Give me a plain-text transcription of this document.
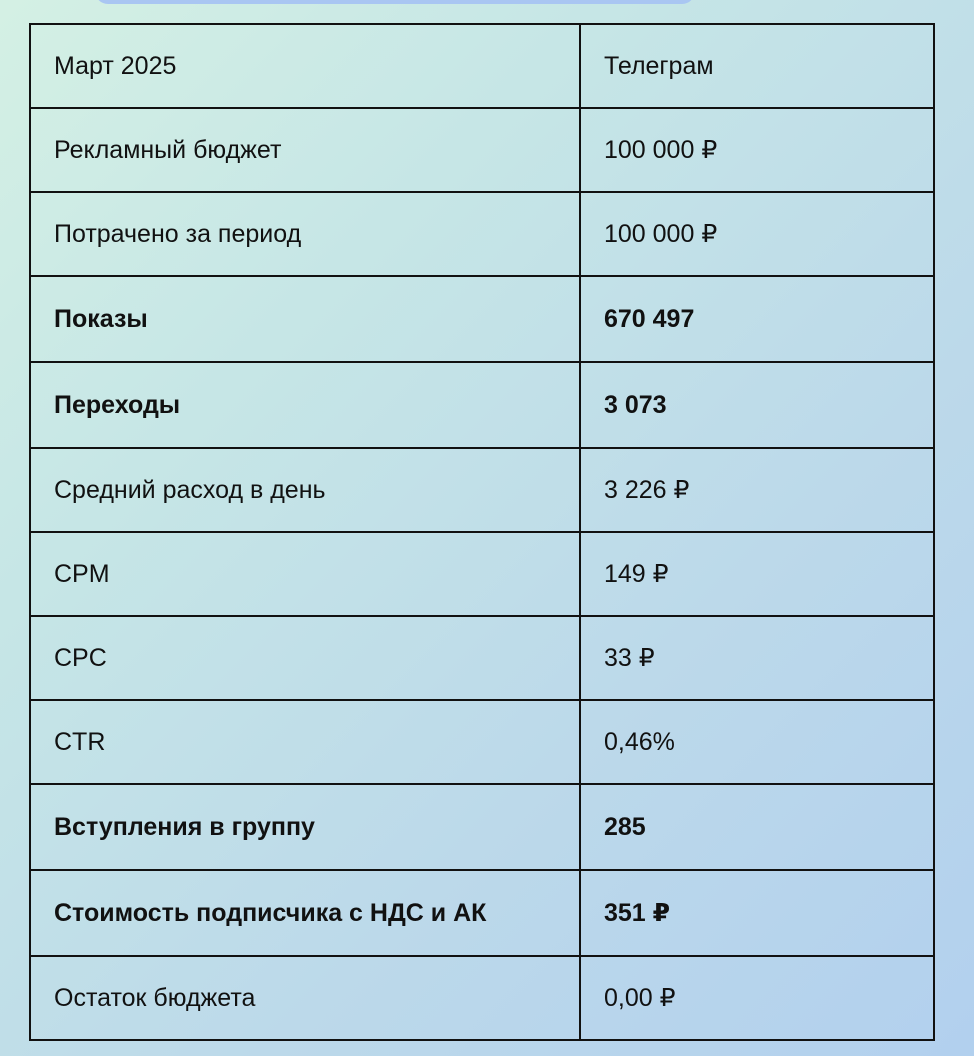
Март 2025	Телеграм
Рекламный бюджет	100 000 ₽
Потрачено за период	100 000 ₽
Показы	670 497
Переходы	3 073
Средний расход в день	3 226 ₽
CPM	149 ₽
CPC	33 ₽
CTR	0,46%
Вступления в группу	285
Стоимость подписчика с НДС и АК	351 ₽
Остаток бюджета	0,00 ₽
